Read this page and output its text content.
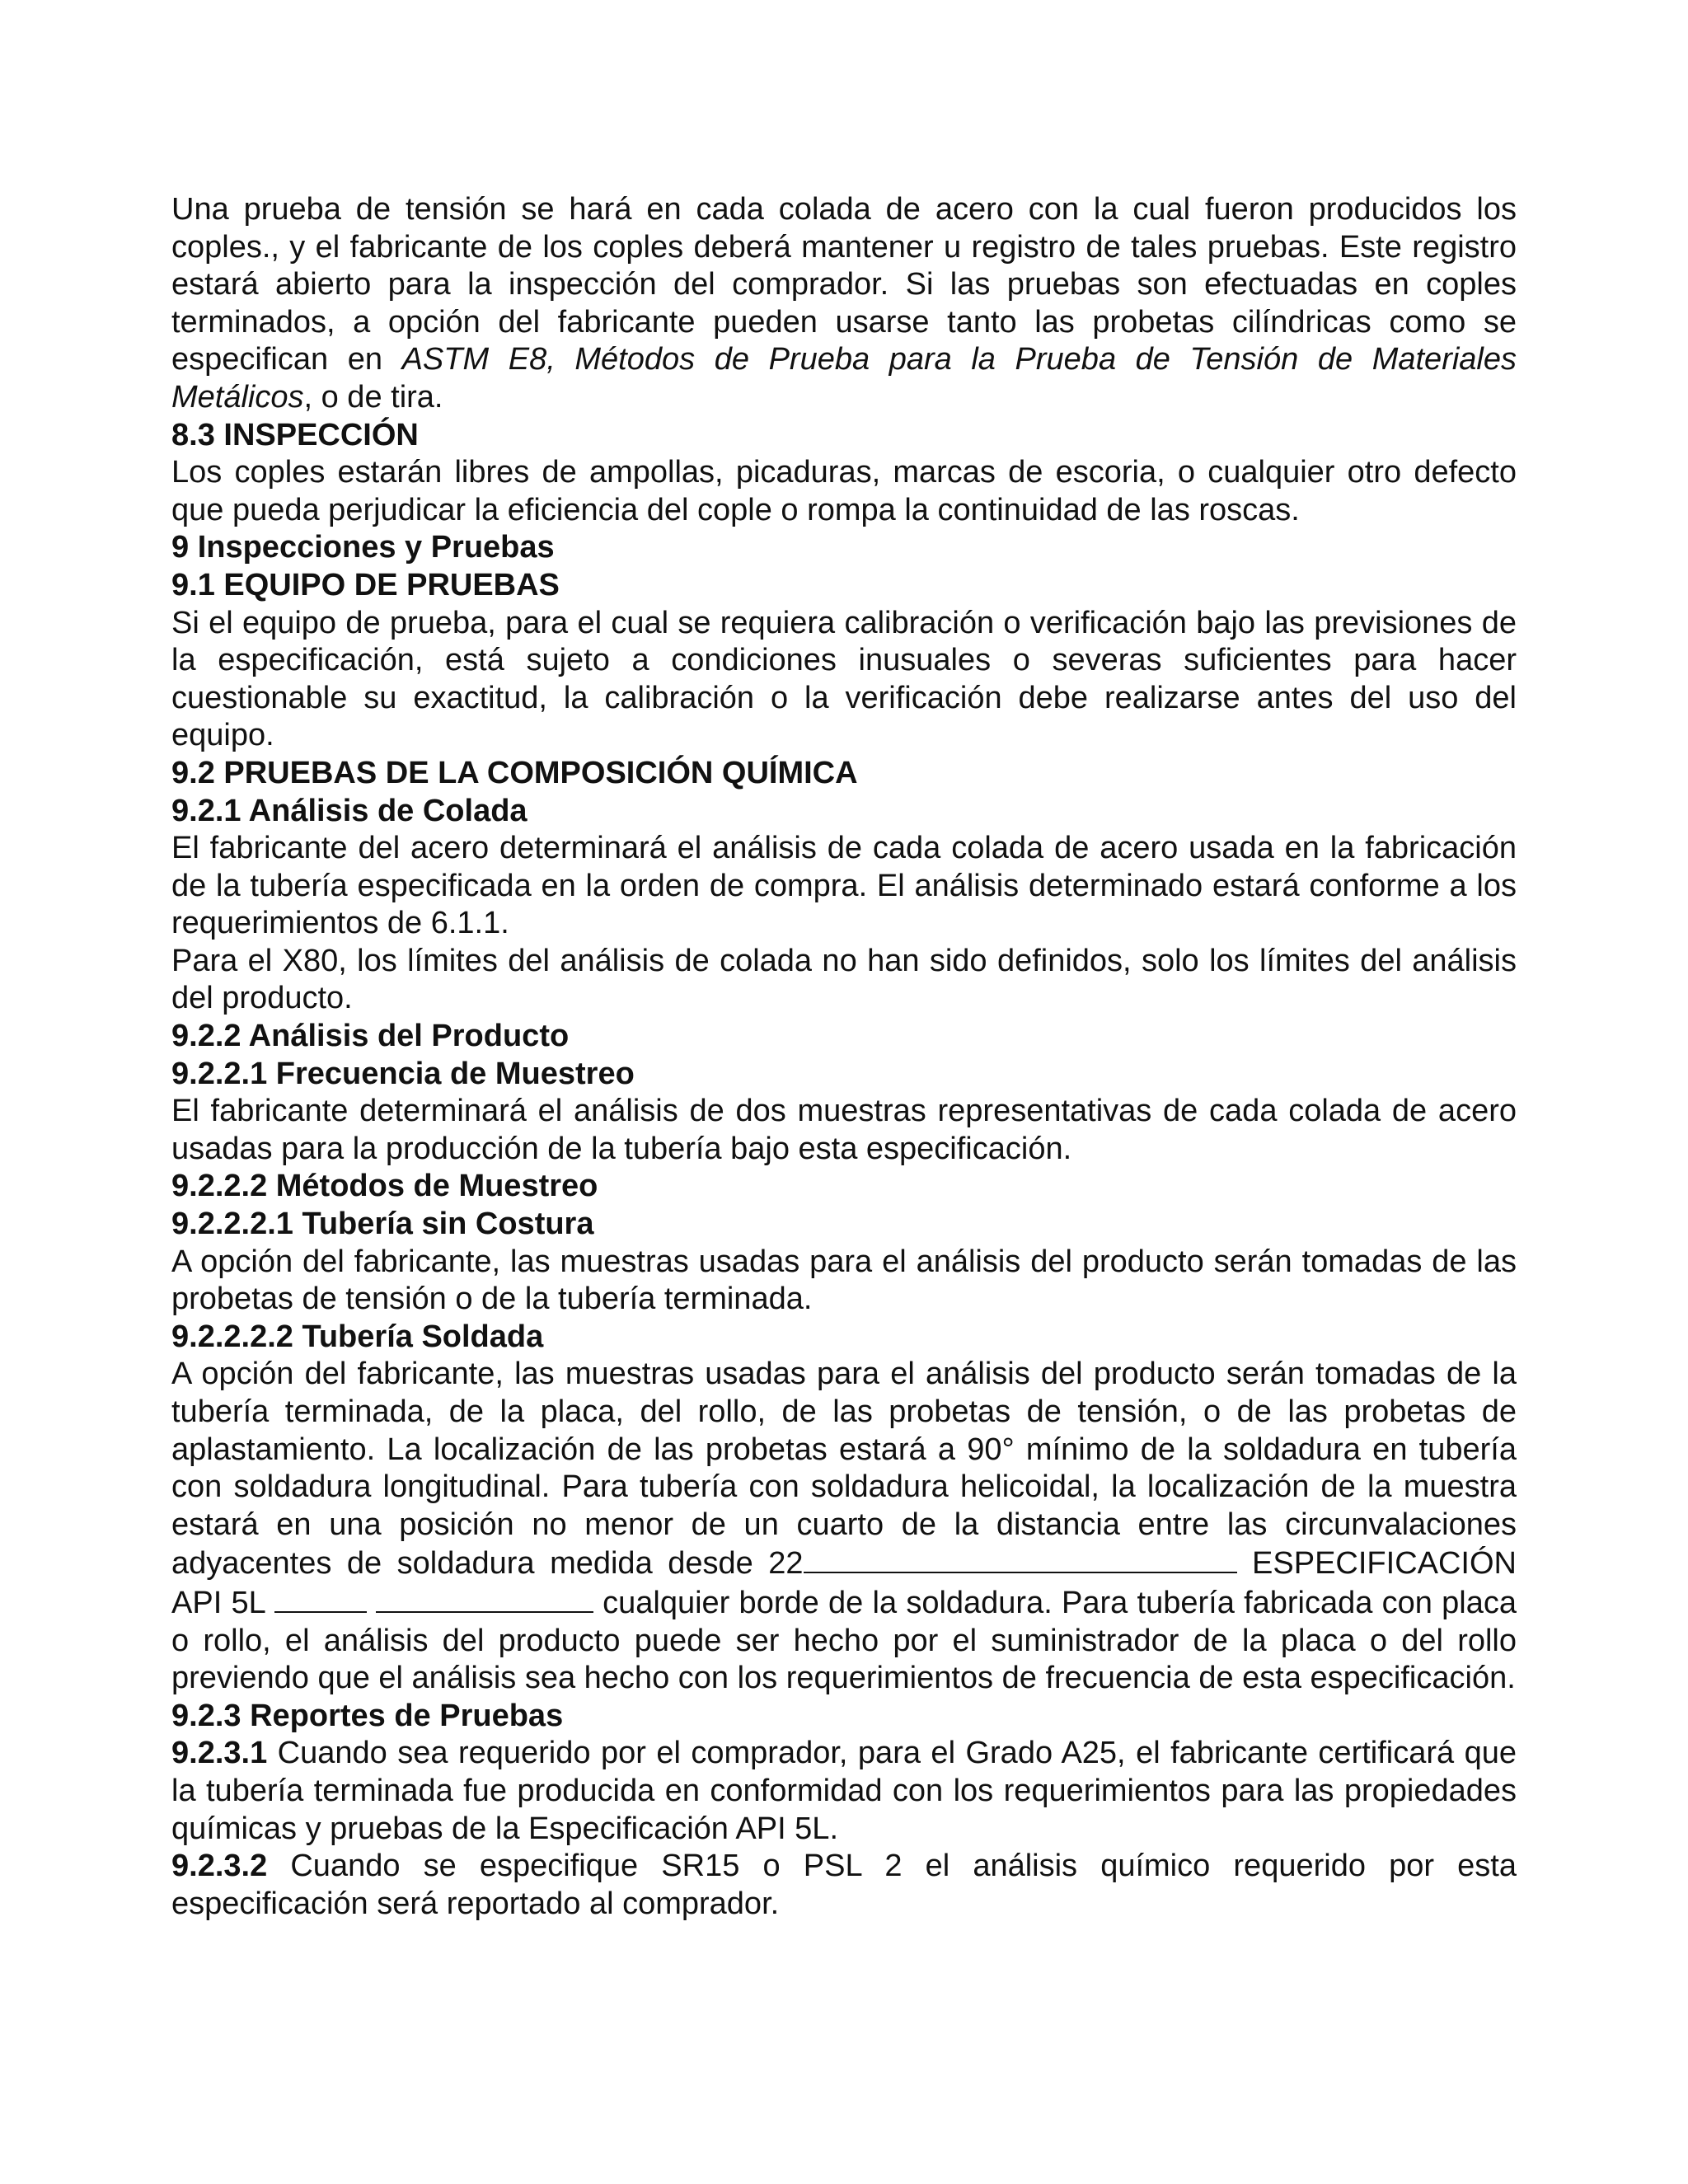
Una prueba de tensión se hará en cada colada de acero con la cual fueron producidos los coples., y el fabricante de los coples deberá mantener u registro de tales pruebas. Este registro estará abierto para la inspección del comprador. Si las pruebas son efectuadas en coples terminados, a opción del fabricante pueden usarse tanto las probetas cilíndricas como se especifican en ASTM E8, Métodos de Prueba para la Prueba de Tensión de Materiales Metálicos, o de tira.

8.3 INSPECCIÓN

Los coples estarán libres de ampollas, picaduras, marcas de escoria, o cualquier otro defecto que pueda perjudicar la eficiencia del cople o rompa la continuidad de las roscas.

9 Inspecciones y Pruebas

9.1 EQUIPO DE PRUEBAS

Si el equipo de prueba, para el cual se requiera calibración o verificación bajo las previsiones de la especificación, está sujeto a condiciones inusuales o severas suficientes para hacer cuestionable su exactitud, la calibración o la verificación debe realizarse antes del uso del equipo.

9.2 PRUEBAS DE LA COMPOSICIÓN QUÍMICA

9.2.1 Análisis de Colada

El fabricante del acero determinará el análisis de cada colada de acero usada en la fabricación de la tubería especificada en la orden de compra. El análisis determinado estará conforme a los requerimientos de 6.1.1.

Para el X80, los límites del análisis de colada no han sido definidos, solo los límites del análisis del producto.

9.2.2 Análisis del Producto

9.2.2.1 Frecuencia de Muestreo

El fabricante determinará el análisis de dos muestras representativas de cada colada de acero usadas para la producción de la tubería bajo esta especificación.

9.2.2.2 Métodos de Muestreo

9.2.2.2.1 Tubería sin Costura

A opción del fabricante, las muestras usadas para el análisis del producto serán tomadas de las probetas de tensión o de la tubería terminada.

9.2.2.2.2 Tubería Soldada

A opción del fabricante, las muestras usadas para el análisis del producto serán tomadas de la tubería terminada, de la placa, del rollo, de las probetas de tensión, o de las probetas de aplastamiento. La localización de las probetas estará a 90° mínimo de la soldadura en tubería con soldadura longitudinal. Para tubería con soldadura helicoidal, la localización de la muestra estará en una posición no menor de un cuarto de la distancia entre las circunvalaciones adyacentes de soldadura medida desde 22	ESPECIFICACIÓN API 5L	cualquier borde de la soldadura. Para tubería fabricada con placa o rollo, el análisis del producto puede ser hecho por el suministrador de la placa o del rollo previendo que el análisis sea hecho con los requerimientos de frecuencia de esta especificación.

9.2.3 Reportes de Pruebas

9.2.3.1 Cuando sea requerido por el comprador, para el Grado A25, el fabricante certificará que la tubería terminada fue producida en conformidad con los requerimientos para las propiedades químicas y pruebas de la Especificación API 5L.

9.2.3.2 Cuando se especifique SR15 o PSL 2 el análisis químico requerido por esta especificación será reportado al comprador.
